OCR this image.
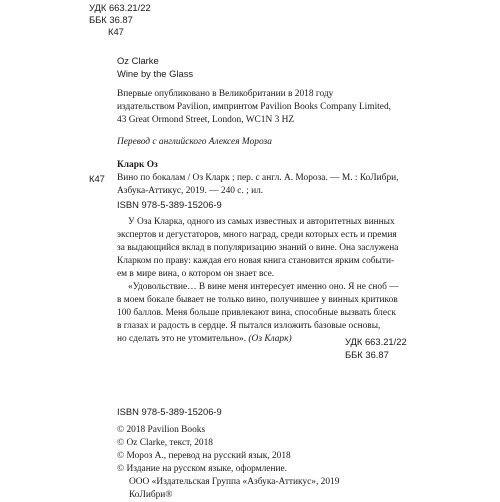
УДК 663.21/22
ББК 36.87
К47
Oz Clarke
Wine by the Glass
Впервые опубликовано в Великобритании в 2018 году
издательством Pavilion, импринтом Pavilion Books Company Limited,
43 Great Ormond Street, London, WC1N 3 HZ
Перевод с английского Алексея Мороза
Кларк Оз
К47 Вино по бокалам / Оз Кларк ; пер. с англ. А. Мороза. — М. : КоЛибри,
Азбука-Аттикус, 2019. — 240 с. ; ил.
ISBN 978-5-389-15206-9
У Оза Кларка, одного из самых известных и авторитетных винных
экспертов и дегустаторов, много наград, среди которых есть и премия
за выдающийся вклад в популяризацию знаний о вине. Она заслужена
Кларком по праву: каждая его новая книга становится ярким событи-
ем в мире вина, о котором он знает все.
«Удовольствие… В вине меня интересует именно оно. Я не сноб —
в моем бокале бывает не только вино, получившее у винных критиков
100 баллов. Меня больше привлекают вина, способные вызвать блеск
в глазах и радость в сердце. Я пытался изложить базовые основы,
но сделать это не утомительно». (Оз Кларк)	УДК 663.21/22
ББК 36.87
ISBN 978-5-389-15206-9
© 2018 Pavilion Books
© Oz Clarke, текст, 2018
© Мороз А., перевод на русский язык, 2018
© Издание на русском языке, оформление.
ООО «Издательская Группа «Азбука-Аттикус», 2019
КоЛибри®
